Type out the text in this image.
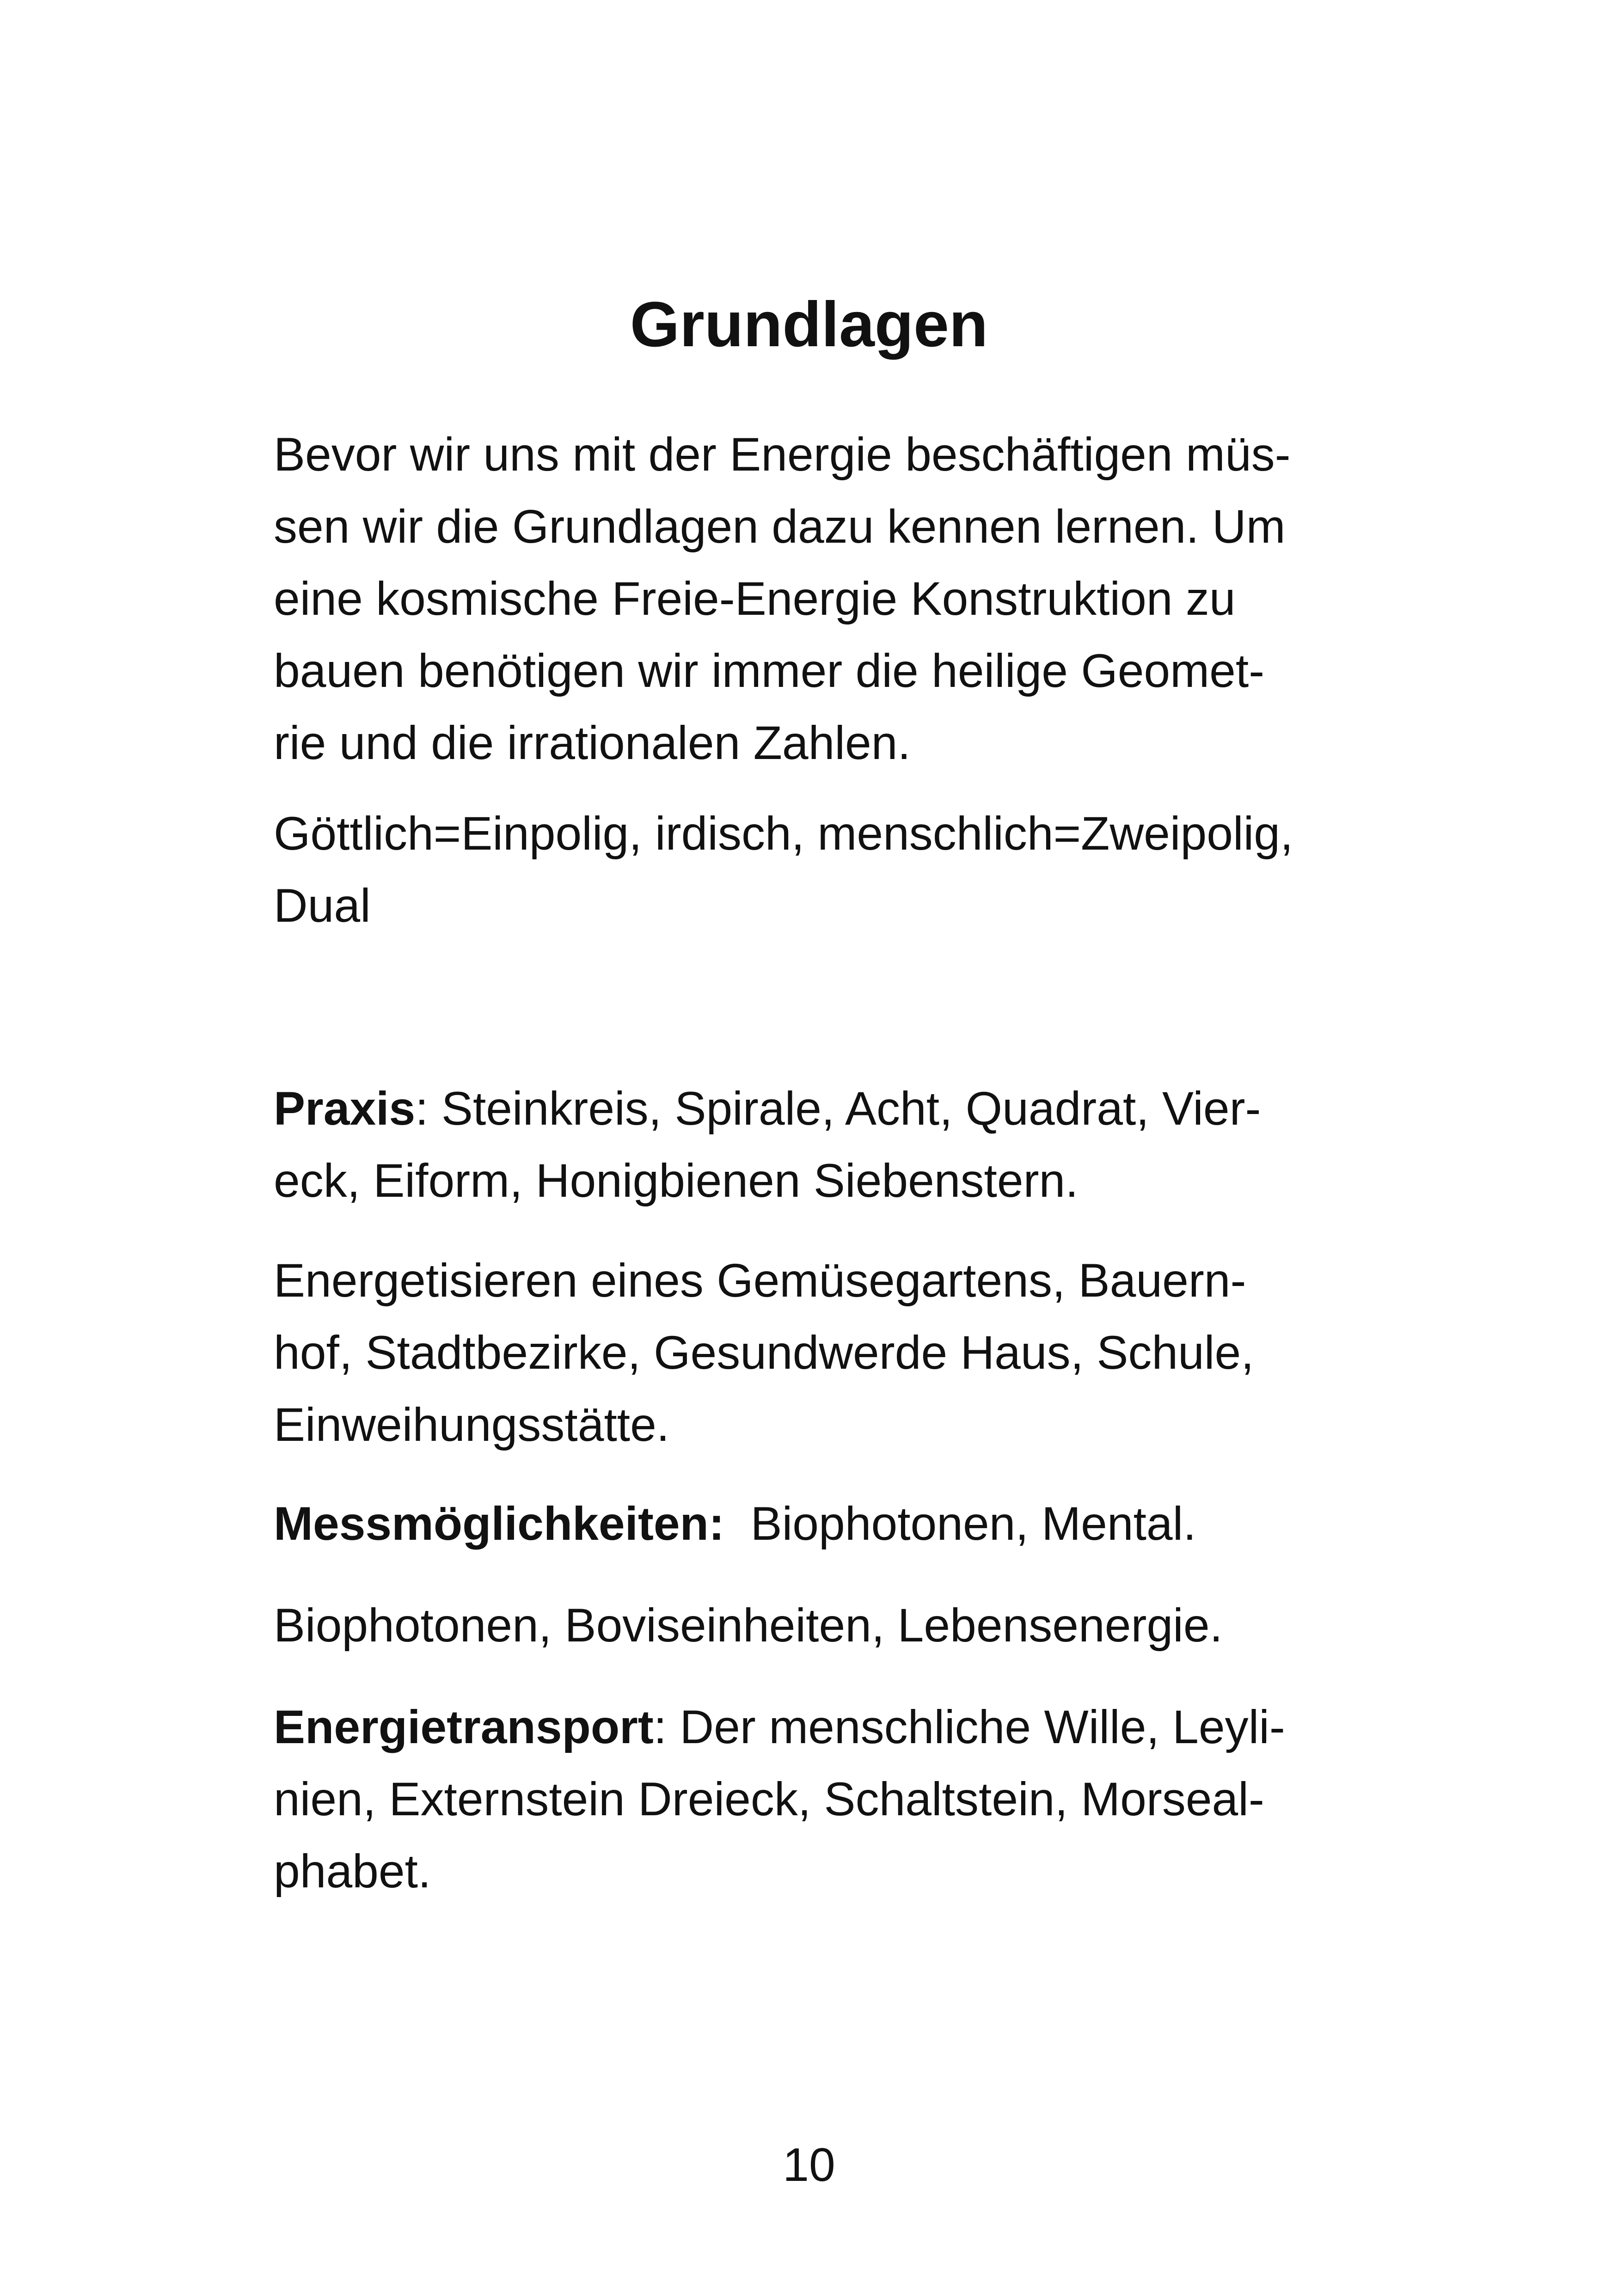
Grundlagen
Bevor wir uns mit der Energie beschäftigen müs-
sen wir die Grundlagen dazu kennen lernen. Um
eine kosmische Freie-Energie Konstruktion zu
bauen benötigen wir immer die heilige Geomet-
rie und die irrationalen Zahlen.
Göttlich=Einpolig, irdisch, menschlich=Zweipolig,
Dual
Praxis: Steinkreis, Spirale, Acht, Quadrat, Vier-
eck, Eiform, Honigbienen Siebenstern.
Energetisieren eines Gemüsegartens, Bauern-
hof, Stadtbezirke, Gesundwerde Haus, Schule,
Einweihungsstätte.
Messmöglichkeiten:  Biophotonen, Mental.
Biophotonen, Boviseinheiten, Lebensenergie.
Energietransport: Der menschliche Wille, Leyli-
nien, Externstein Dreieck, Schaltstein, Morseal-
phabet.
10
